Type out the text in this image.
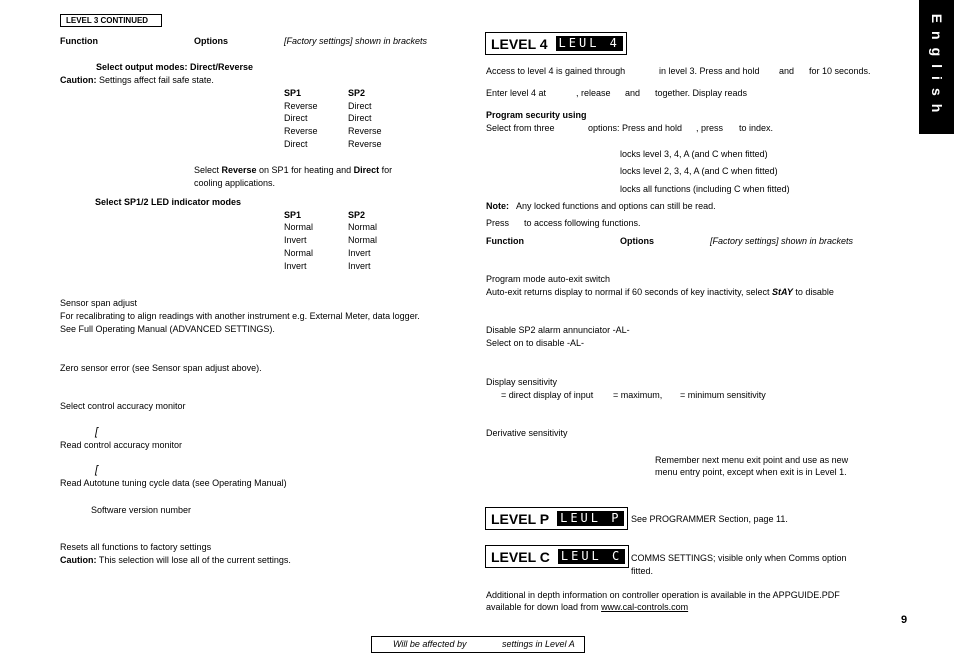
English
LEVEL 3 CONTINUED
Function	Options	[Factory settings] shown in brackets
Select output modes: Direct/Reverse
Caution: Settings affect fail safe state.
SP1	SP2
Reverse	Direct
Direct	Direct
Reverse	Reverse
Direct	Reverse
Select Reverse on SP1 for heating and Direct for
cooling applications.
Select SP1/2 LED indicator modes
SP1	SP2
Normal	Normal
Invert	Normal
Normal	Invert
Invert	Invert
Sensor span adjust
For recalibrating to align readings with another instrument e.g. External Meter, data logger.
See Full Operating Manual (ADVANCED SETTINGS).
Zero sensor error (see Sensor span adjust above).
Select control accuracy monitor
[
Read control accuracy monitor
[
Read Autotune tuning cycle data (see Operating Manual)
Software version number
Resets all functions to factory settings
Caution: This selection will lose all of the current settings.
LEVEL 4 LEUL 4
Access to level 4 is gained through	in level 3. Press and hold and for 10 seconds.
Enter level 4 at	, release and together. Display reads
Program security using
Select from three	options: Press and hold , press to index.
locks level 3, 4, A (and C when fitted)
locks level 2, 3, 4, A (and C when fitted)
locks all functions (including C when fitted)
Note: Any locked functions and options can still be read.
Press to access following functions.
Function	Options	[Factory settings] shown in brackets
Program mode auto-exit switch
Auto-exit returns display to normal if 60 seconds of key inactivity, select StAY to disable
Disable SP2 alarm annunciator -AL-
Select on to disable -AL-
Display sensitivity
= direct display of input = maximum, = minimum sensitivity
Derivative sensitivity
Remember next menu exit point and use as new
menu entry point, except when exit is in Level 1.
LEVEL P LEUL P	See PROGRAMMER Section, page 11.
LEVEL C LEUL C COMMS SETTINGS; visible only when Comms option
fitted.
Additional in depth information on controller operation is available in the APPGUIDE.PDF
available for down load from www.cal-controls.com
9
Will be affected by	settings in Level A
